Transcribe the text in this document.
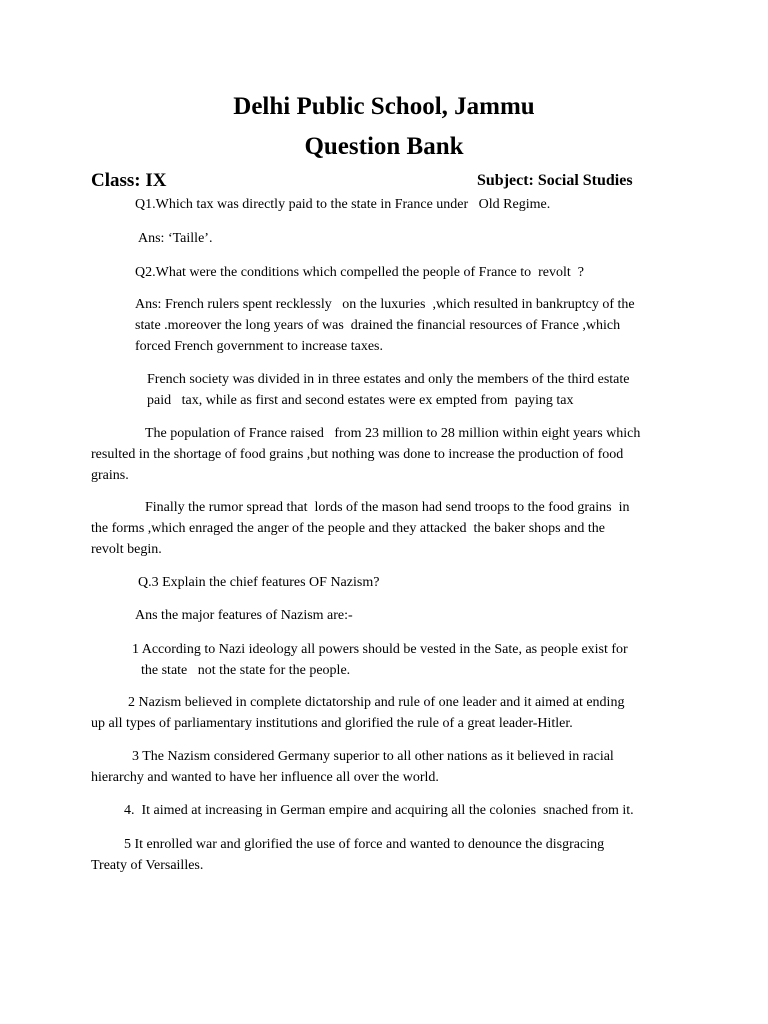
Delhi Public School, Jammu

Question Bank

Class: IX	Subject: Social Studies

Q1.Which tax was directly paid to the state in France under   Old Regime.

Ans: ‘Taille’.

Q2.What were the conditions which compelled the people of France to  revolt  ?

Ans: French rulers spent recklessly   on the luxuries  ,which resulted in bankruptcy of the

state .moreover the long years of was  drained the financial resources of France ,which

forced French government to increase taxes.

French society was divided in in three estates and only the members of the third estate

paid   tax, while as first and second estates were ex empted from  paying tax

The population of France raised   from 23 million to 28 million within eight years which

resulted in the shortage of food grains ,but nothing was done to increase the production of food

grains.

Finally the rumor spread that  lords of the mason had send troops to the food grains  in

the forms ,which enraged the anger of the people and they attacked  the baker shops and the

revolt begin.

Q.3 Explain the chief features OF Nazism?

Ans the major features of Nazism are:-

1 According to Nazi ideology all powers should be vested in the Sate, as people exist for

the state   not the state for the people.

2 Nazism believed in complete dictatorship and rule of one leader and it aimed at ending

up all types of parliamentary institutions and glorified the rule of a great leader-Hitler.

3 The Nazism considered Germany superior to all other nations as it believed in racial

hierarchy and wanted to have her influence all over the world.

4.  It aimed at increasing in German empire and acquiring all the colonies  snached from it.

5 It enrolled war and glorified the use of force and wanted to denounce the disgracing

Treaty of Versailles.
